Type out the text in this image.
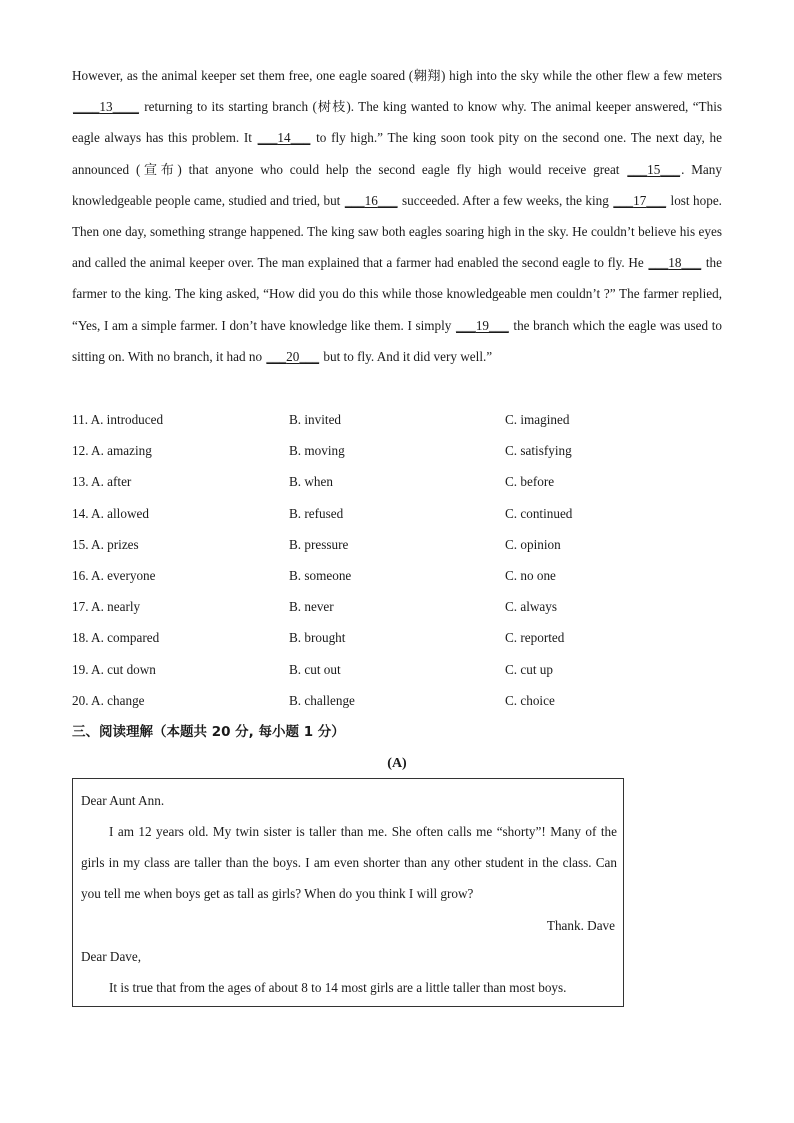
However, as the animal keeper set them free, one eagle soared (翱翔) high into the sky while the other flew a few meters ____13____ returning to its starting branch (树枝). The king wanted to know why. The animal keeper answered, “This eagle always has this problem. It ___14___ to fly high.” The king soon took pity on the second one. The next day, he announced (宣布) that anyone who could help the second eagle fly high would receive great ___15___. Many knowledgeable people came, studied and tried, but ___16___ succeeded. After a few weeks, the king ___17___ lost hope. Then one day, something strange happened. The king saw both eagles soaring high in the sky. He couldn’t believe his eyes and called the animal keeper over. The man explained that a farmer had enabled the second eagle to fly. He ___18___ the farmer to the king. The king asked, “How did you do this while those knowledgeable men couldn’t ?” The farmer replied, “Yes, I am a simple farmer. I don’t have knowledge like them. I simply ___19___ the branch which the eagle was used to sitting on. With no branch, it had no ___20___ but to fly. And it did very well.”
11. A. introduced	B. invited	C. imagined
12. A. amazing	B. moving	C. satisfying
13. A. after	B. when	C. before
14. A. allowed	B. refused	C. continued
15. A. prizes	B. pressure	C. opinion
16. A. everyone	B. someone	C. no one
17. A. nearly	B. never	C. always
18. A. compared	B. brought	C. reported
19. A. cut down	B. cut out	C. cut up
20. A. change	B. challenge	C. choice
三、阅读理解（本题共 20 分, 每小题 1 分）
(A)
Dear Aunt Ann.
I am 12 years old. My twin sister is taller than me. She often calls me “shorty”! Many of the girls in my class are taller than the boys. I am even shorter than any other student in the class. Can you tell me when boys get as tall as girls? When do you think I will grow?
Thank. Dave
Dear Dave,
It is true that from the ages of about 8 to 14 most girls are a little taller than most boys.
